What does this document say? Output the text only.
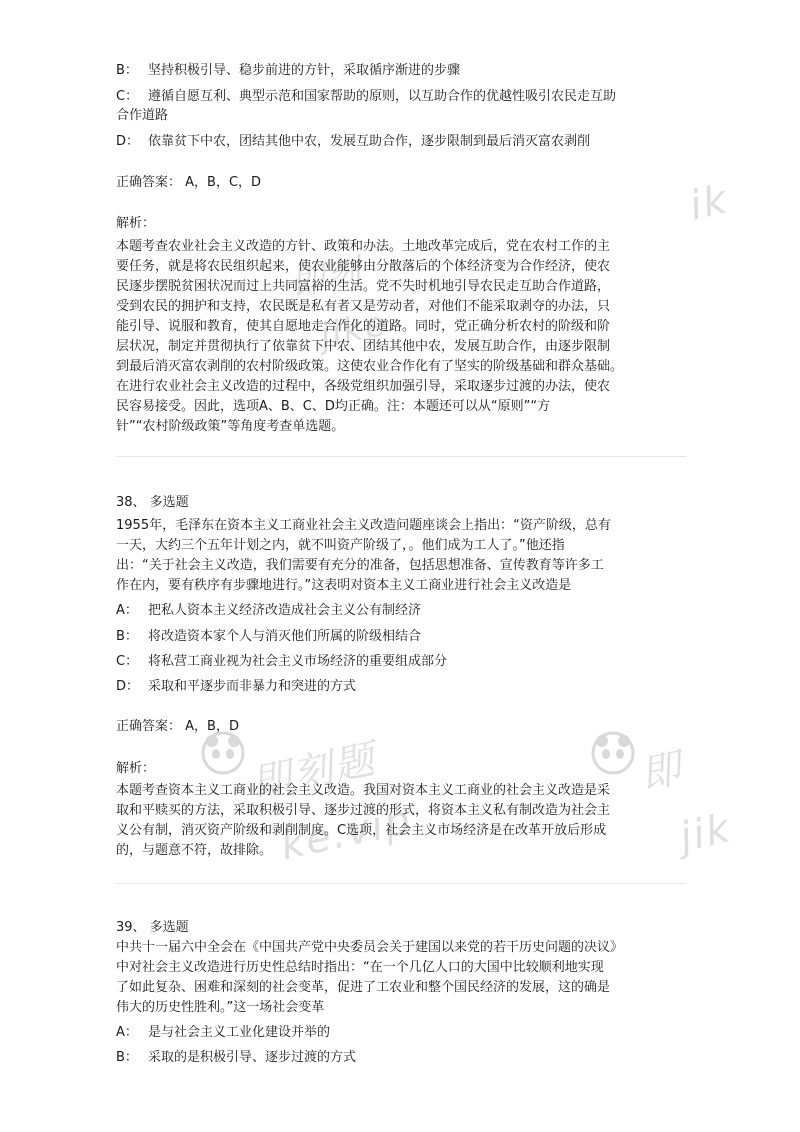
即刻题
ke.vip
即
jik
ik
即刻
jike
B： 坚持积极引导、稳步前进的方针，采取循序渐进的步骤
C： 遵循自愿互利、典型示范和国家帮助的原则，以互助合作的优越性吸引农民走互助
合作道路
D： 依靠贫下中农，团结其他中农，发展互助合作，逐步限制到最后消灭富农剥削
正确答案： A，B，C，D
解析：
本题考查农业社会主义改造的方针、政策和办法。土地改革完成后，党在农村工作的主
要任务，就是将农民组织起来，使农业能够由分散落后的个体经济变为合作经济，使农
民逐步摆脱贫困状况而过上共同富裕的生活。党不失时机地引导农民走互助合作道路，
受到农民的拥护和支持，农民既是私有者又是劳动者，对他们不能采取剥夺的办法，只
能引导、说服和教育，使其自愿地走合作化的道路。同时，党正确分析农村的阶级和阶
层状况，制定并贯彻执行了依靠贫下中农、团结其他中农，发展互助合作，由逐步限制
到最后消灭富农剥削的农村阶级政策。这使农业合作化有了坚实的阶级基础和群众基础。
在进行农业社会主义改造的过程中，各级党组织加强引导，采取逐步过渡的办法，使农
民容易接受。因此，选项A、B、C、D均正确。注：本题还可以从“原则”“方
针”“农村阶级政策”等角度考查单选题。
38、 多选题
1955年，毛泽东在资本主义工商业社会主义改造问题座谈会上指出：“资产阶级，总有
一天，大约三个五年计划之内，就不叫资产阶级了，。他们成为工人了。”他还指
出：“关于社会主义改造，我们需要有充分的准备，包括思想准备、宣传教育等许多工
作在内，要有秩序有步骤地进行。”这表明对资本主义工商业进行社会主义改造是
A： 把私人资本主义经济改造成社会主义公有制经济
B： 将改造资本家个人与消灭他们所属的阶级相结合
C： 将私营工商业视为社会主义市场经济的重要组成部分
D： 采取和平逐步而非暴力和突进的方式
正确答案： A，B，D
解析：
本题考查资本主义工商业的社会主义改造。我国对资本主义工商业的社会主义改造是采
取和平赎买的方法，采取积极引导、逐步过渡的形式，将资本主义私有制改造为社会主
义公有制，消灭资产阶级和剥削制度。C选项，社会主义市场经济是在改革开放后形成
的，与题意不符，故排除。
39、 多选题
中共十一届六中全会在《中国共产党中央委员会关于建国以来党的若干历史问题的决议》
中对社会主义改造进行历史性总结时指出：“在一个几亿人口的大国中比较顺利地实现
了如此复杂、困难和深刻的社会变革，促进了工农业和整个国民经济的发展，这的确是
伟大的历史性胜利。”这一场社会变革
A： 是与社会主义工业化建设并举的
B： 采取的是积极引导、逐步过渡的方式
